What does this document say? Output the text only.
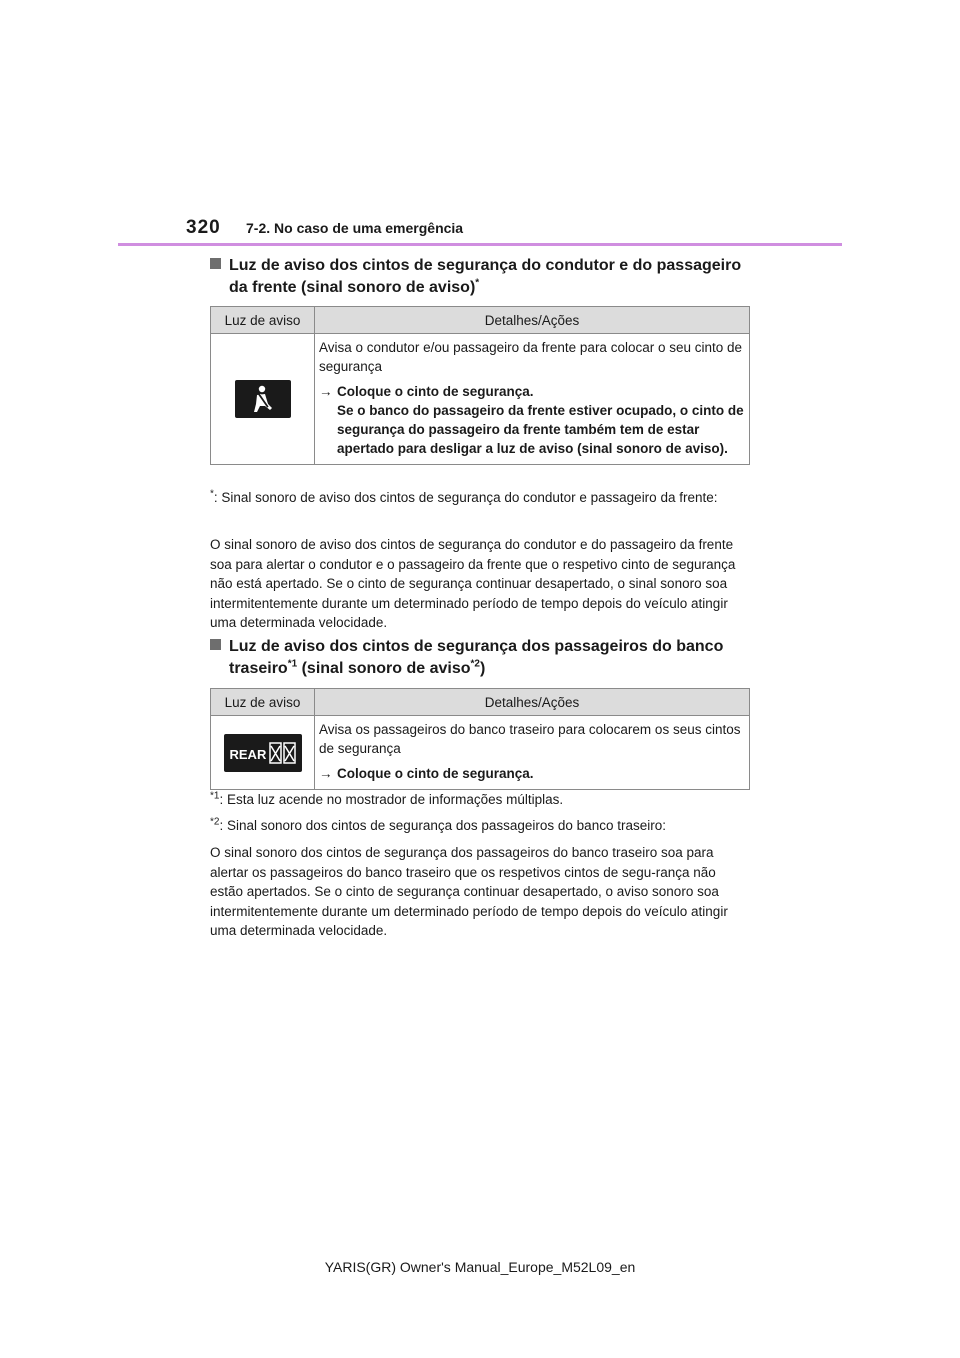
320 7-2. No caso de uma emergência
Luz de aviso dos cintos de segurança do condutor e do passageiro
da frente (sinal sonoro de aviso)*
Luz de aviso	Detalhes/Ações

Avisa o condutor e/ou passageiro da frente para colocar o seu cinto de segurança
→ Coloque o cinto de segurança.
Se o banco do passageiro da frente estiver ocupado, o cinto de segurança do passageiro da frente também tem de estar apertado para desligar a luz de aviso (sinal sonoro de aviso).
*: Sinal sonoro de aviso dos cintos de segurança do condutor e passageiro da frente:
O sinal sonoro de aviso dos cintos de segurança do condutor e do passageiro da frente soa para alertar o condutor e o passageiro da frente que o respetivo cinto de segurança não está apertado. Se o cinto de segurança continuar desapertado, o sinal sonoro soa intermitentemente durante um determinado período de tempo depois do veículo atingir uma determinada velocidade.
Luz de aviso dos cintos de segurança dos passageiros do banco
traseiro$^{*1}$ (sinal sonoro de aviso$^{*2}$)
Luz de aviso	Detalhes/Ações

REAR	Avisa os passageiros do banco traseiro para colocarem os seus cintos de segurança
→ Coloque o cinto de segurança.
$^{*1}$: Esta luz acende no mostrador de informações múltiplas.
$^{*2}$: Sinal sonoro dos cintos de segurança dos passageiros do banco traseiro:
O sinal sonoro dos cintos de segurança dos passageiros do banco traseiro soa para alertar os passageiros do banco traseiro que os respetivos cintos de segu-rança não estão apertados. Se o cinto de segurança continuar desapertado, o aviso sonoro soa intermitentemente durante um determinado período de tempo depois do veículo atingir uma determinada velocidade.
YARIS(GR) Owner's Manual_Europe_M52L09_en
